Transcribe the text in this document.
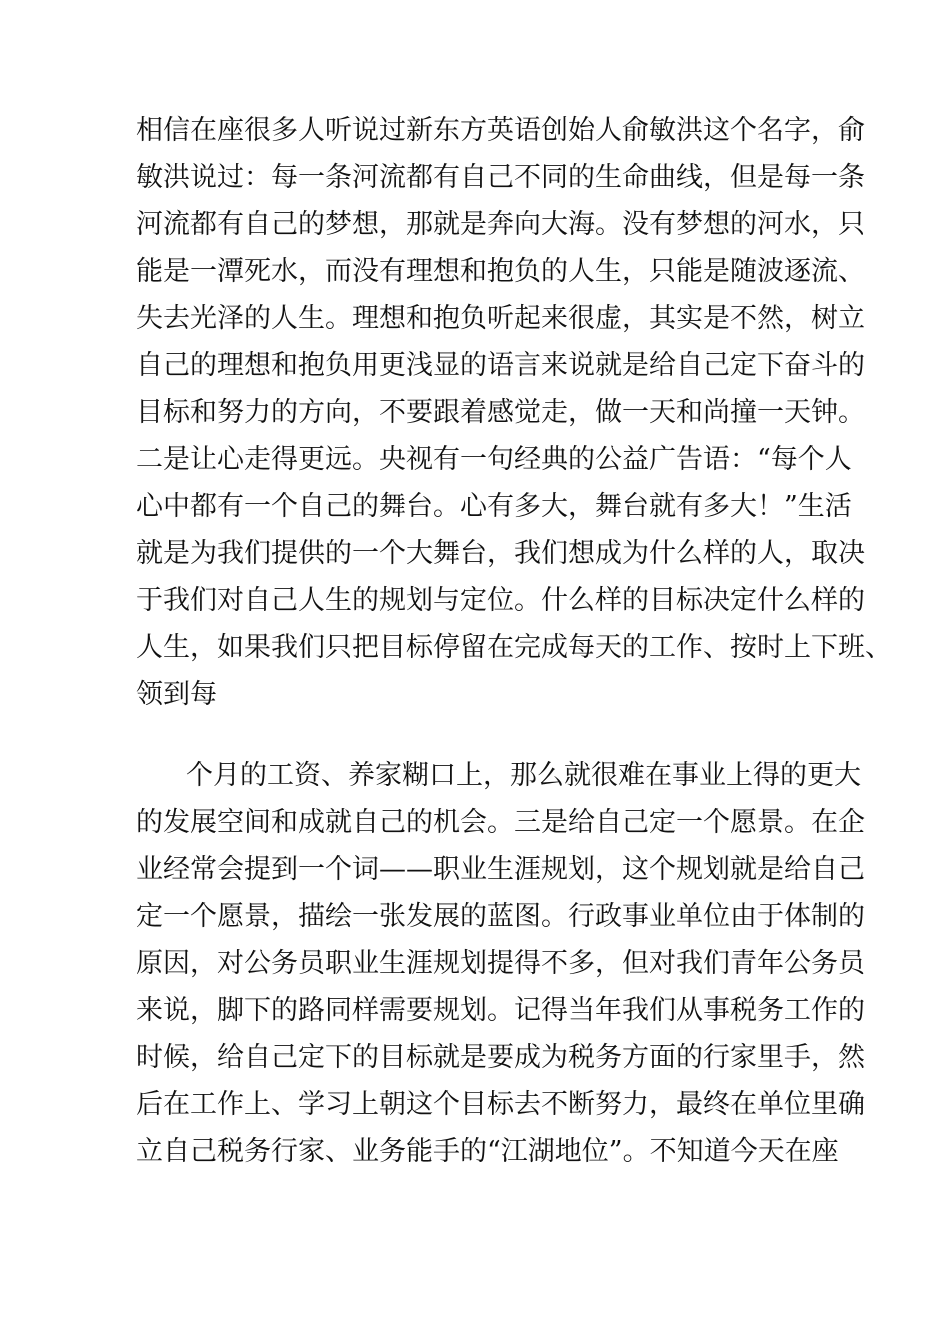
相信在座很多人听说过新东方英语创始人俞敏洪这个名字，俞
敏洪说过：每一条河流都有自己不同的生命曲线，但是每一条
河流都有自己的梦想，那就是奔向大海。没有梦想的河水，只
能是一潭死水，而没有理想和抱负的人生，只能是随波逐流、
失去光泽的人生。理想和抱负听起来很虚，其实是不然，树立
自己的理想和抱负用更浅显的语言来说就是给自己定下奋斗的
目标和努力的方向，不要跟着感觉走，做一天和尚撞一天钟。
二是让心走得更远。央视有一句经典的公益广告语：“每个人
心中都有一个自己的舞台。心有多大，舞台就有多大！”生活
就是为我们提供的一个大舞台，我们想成为什么样的人，取决
于我们对自己人生的规划与定位。什么样的目标决定什么样的
人生，如果我们只把目标停留在完成每天的工作、按时上下班、
领到每
个月的工资、养家糊口上，那么就很难在事业上得的更大
的发展空间和成就自己的机会。三是给自己定一个愿景。在企
业经常会提到一个词——职业生涯规划，这个规划就是给自己
定一个愿景，描绘一张发展的蓝图。行政事业单位由于体制的
原因，对公务员职业生涯规划提得不多，但对我们青年公务员
来说，脚下的路同样需要规划。记得当年我们从事税务工作的
时候，给自己定下的目标就是要成为税务方面的行家里手，然
后在工作上、学习上朝这个目标去不断努力，最终在单位里确
立自己税务行家、业务能手的“江湖地位”。不知道今天在座
